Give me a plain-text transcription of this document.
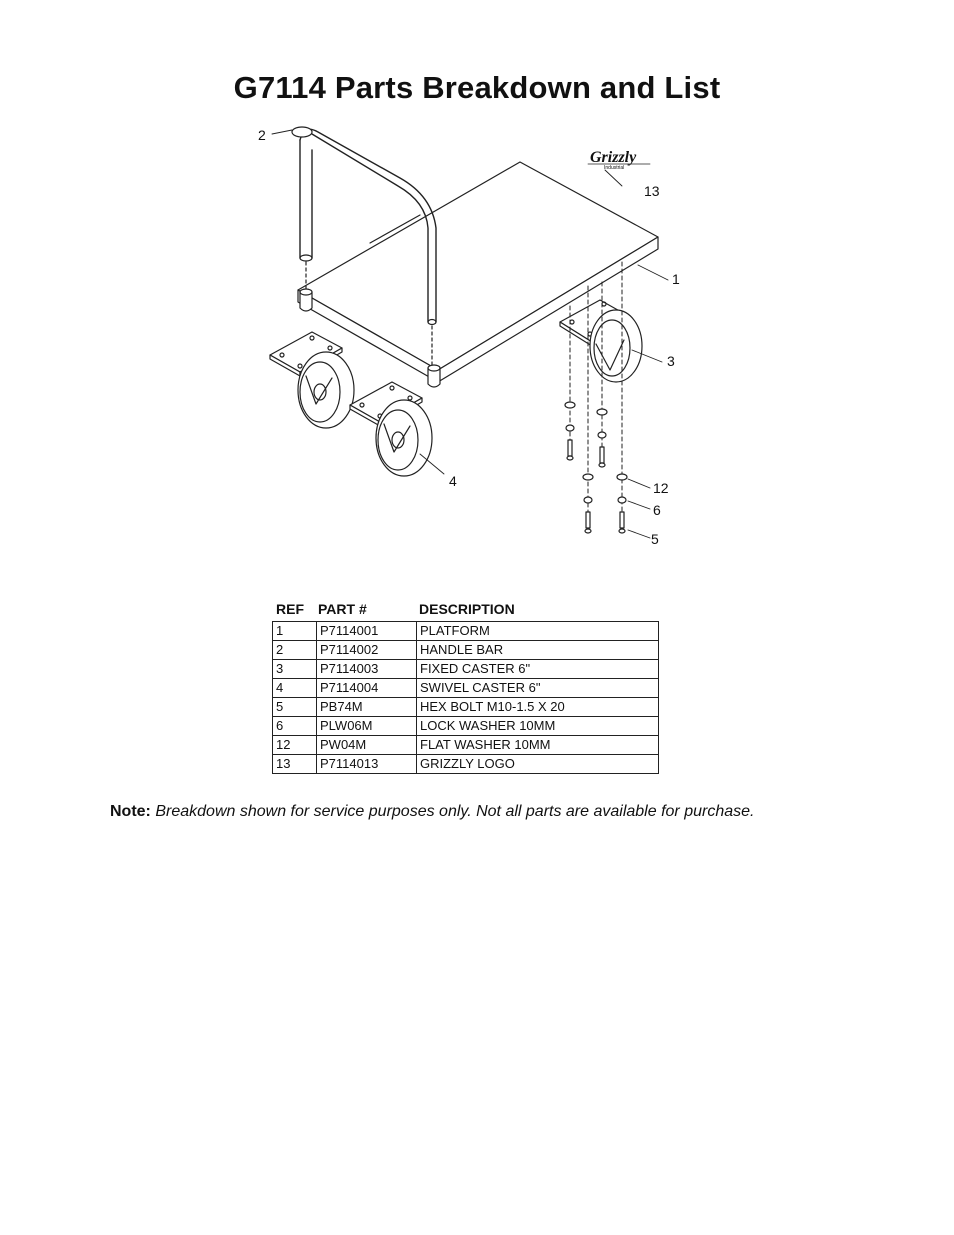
G7114 Parts Breakdown and List
Grizzly
Industrial
2
13
1
3
4	12
6
5
REF PART #	DESCRIPTION
1	P7114001	PLATFORM
2	P7114002	HANDLE BAR
3	P7114003	FIXED CASTER 6"
4	P7114004	SWIVEL CASTER 6"
5	PB74M	HEX BOLT M10-1.5 X 20
6	PLW06M	LOCK WASHER 10MM
12	PW04M	FLAT WASHER 10MM
13	P7114013	GRIZZLY LOGO
Note: Breakdown shown for service purposes only. Not all parts are available for purchase.
